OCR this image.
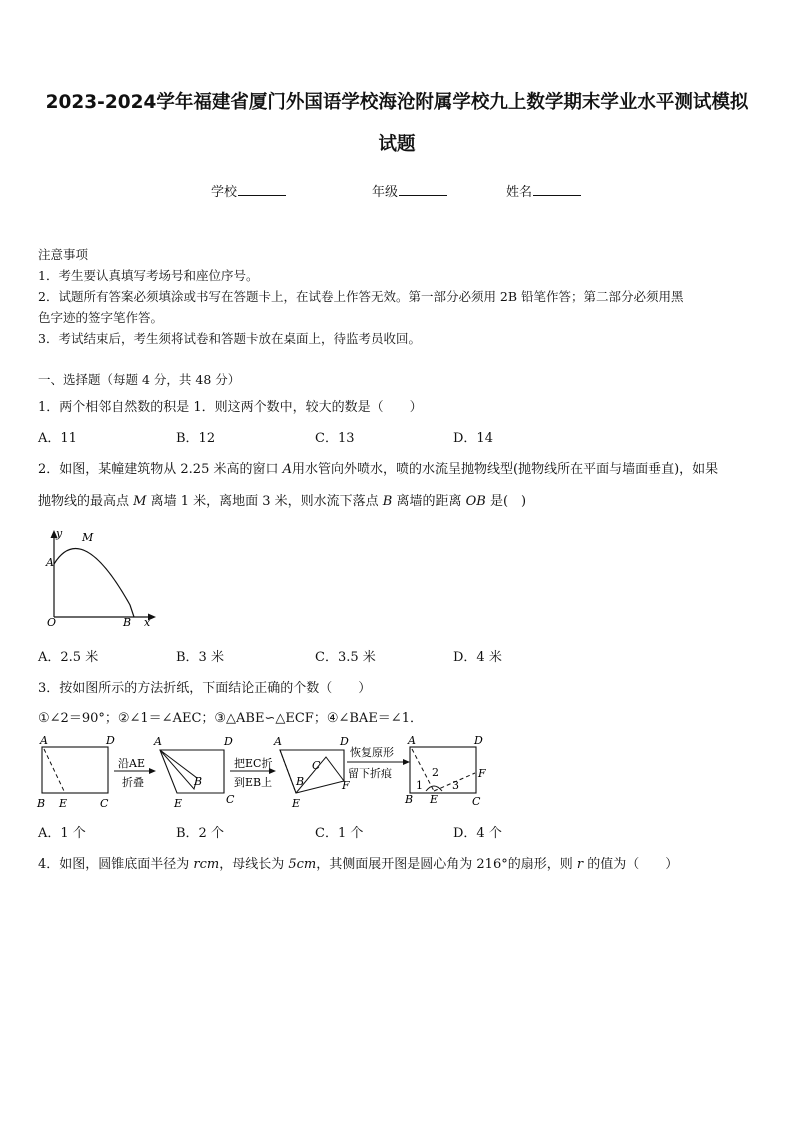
2023-2024学年福建省厦门外国语学校海沧附属学校九上数学期末学业水平测试模拟
试题
学校	年级	姓名
注意事项
1．考生要认真填写考场号和座位序号。
2．试题所有答案必须填涂或书写在答题卡上，在试卷上作答无效。第一部分必须用 2B 铅笔作答；第二部分必须用黑
色字迹的签字笔作答。
3．考试结束后，考生须将试卷和答题卡放在桌面上，待监考员收回。
一、选择题（每题 4 分，共 48 分）
1．两个相邻自然数的积是 1．则这两个数中，较大的数是（　　）
A．11	B．12	C．13	D．14
2．如图，某幢建筑物从 2.25 米高的窗口 A用水管向外喷水，喷的水流呈抛物线型(抛物线所在平面与墙面垂直)，如果
抛物线的最高点 M 离墙 1 米，离地面 3 米，则水流下落点 B 离墙的距离 OB 是(　)
y M
A
O	B x
A．2.5 米	B．3 米	C．3.5 米	D．4 米
3．按如图所示的方法折纸，下面结论正确的个数（　　）
①∠2＝90°；②∠1＝∠AEC；③△ABE∽△ECF；④∠BAE＝∠1．
A	D
B E	C
沿AE
折叠
A	D
B
E	C
把EC折
到EB上
A	D
C
B	F
E
恢复原形
留下折痕
A	D
F
B E	C
1
2
3
A．1 个	B．2 个	C．1 个	D．4 个
4．如图，圆锥底面半径为 rcm，母线长为 5cm，其侧面展开图是圆心角为 216°的扇形，则 r 的值为（　　）
